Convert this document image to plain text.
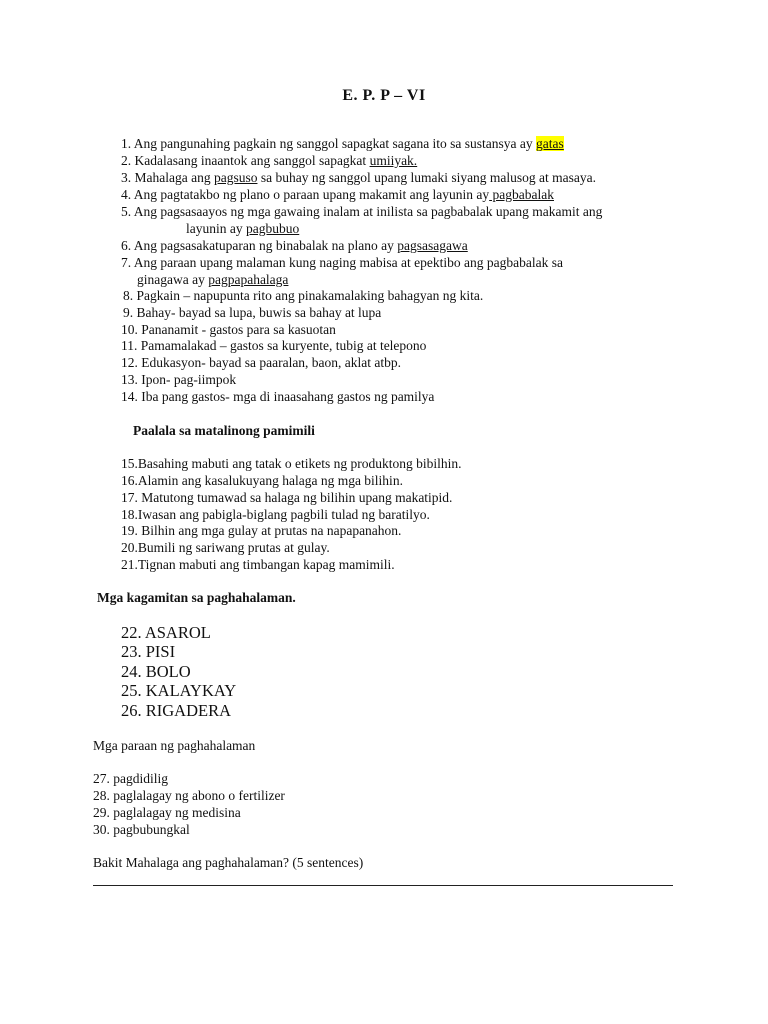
E. P. P – VI
1. Ang pangunahing pagkain ng sanggol sapagkat sagana ito sa sustansya ay gatas
2. Kadalasang inaantok ang sanggol sapagkat umiiyak.
3. Mahalaga ang pagsuso sa buhay ng sanggol upang lumaki siyang malusog at masaya.
4. Ang pagtatakbo ng plano o paraan upang makamit ang layunin ay pagbabalak
5. Ang pagsasaayos ng mga gawaing inalam at inilista sa pagbabalak upang makamit ang
layunin ay pagbubuo
6. Ang pagsasakatuparan ng binabalak na plano ay pagsasagawa
7. Ang paraan upang malaman kung naging mabisa at epektibo ang pagbabalak sa
ginagawa ay pagpapahalaga
8. Pagkain – napupunta rito ang pinakamalaking bahagyan ng kita.
9. Bahay- bayad sa lupa, buwis sa bahay at lupa
10. Pananamit - gastos para sa kasuotan
11. Pamamalakad – gastos sa kuryente, tubig at telepono
12. Edukasyon- bayad sa paaralan, baon, aklat atbp.
13. Ipon- pag-iimpok
14. Iba pang gastos- mga di inaasahang gastos ng pamilya
Paalala sa matalinong pamimili
15.Basahing mabuti ang tatak o etikets ng produktong bibilhin.
16.Alamin ang kasalukuyang halaga ng mga bilihin.
17. Matutong tumawad sa halaga ng bilihin upang makatipid.
18.Iwasan ang pabigla-biglang pagbili tulad ng baratilyo.
19. Bilhin ang mga gulay at prutas na napapanahon.
20.Bumili ng sariwang prutas at gulay.
21.Tignan mabuti ang timbangan kapag mamimili.
Mga kagamitan sa paghahalaman.
22. ASAROL
23. PISI
24. BOLO
25. KALAYKAY
26. RIGADERA
Mga paraan ng paghahalaman
27. pagdidilig
28. paglalagay ng abono o fertilizer
29. paglalagay ng medisina
30. pagbubungkal
Bakit Mahalaga ang paghahalaman? (5 sentences)
